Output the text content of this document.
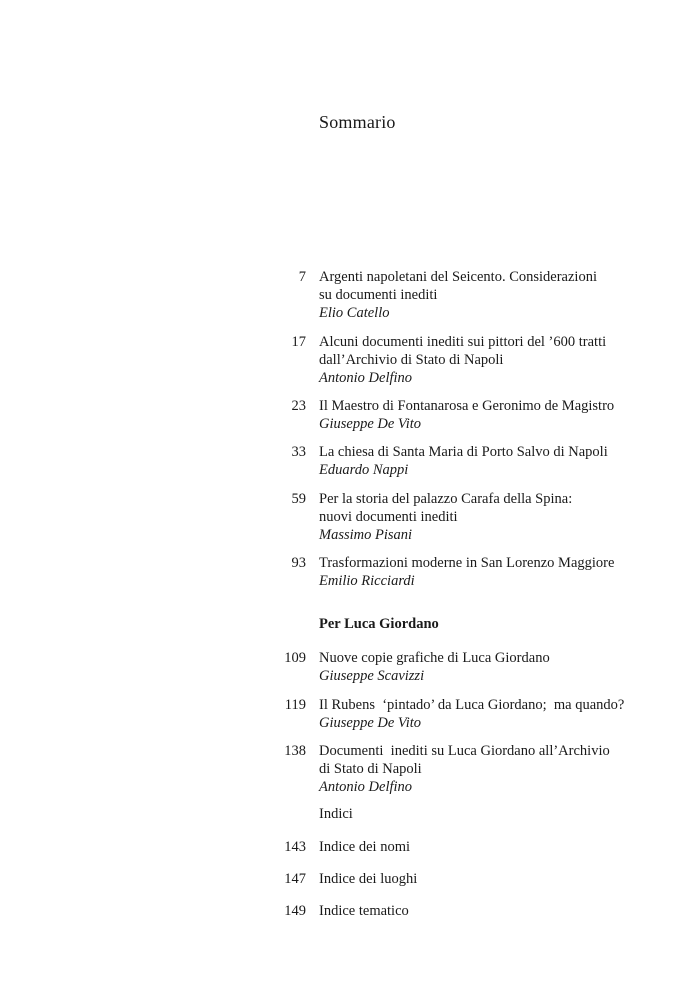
Sommario
7 Argenti napoletani del Seicento. Considerazioni
su documenti inediti
Elio Catello
17 Alcuni documenti inediti sui pittori del ’600 tratti
dall’Archivio di Stato di Napoli
Antonio Delfino
23 Il Maestro di Fontanarosa e Geronimo de Magistro
Giuseppe De Vito
33 La chiesa di Santa Maria di Porto Salvo di Napoli
Eduardo Nappi
59 Per la storia del palazzo Carafa della Spina:
nuovi documenti inediti
Massimo Pisani
93 Trasformazioni moderne in San Lorenzo Maggiore
Emilio Ricciardi
Per Luca Giordano
109 Nuove copie grafiche di Luca Giordano
Giuseppe Scavizzi
119 Il Rubens  ‘pintado’ da Luca Giordano;  ma quando?
Giuseppe De Vito
138 Documenti  inediti su Luca Giordano all’Archivio
di Stato di Napoli
Antonio Delfino
Indici
143 Indice dei nomi
147 Indice dei luoghi
149 Indice tematico
